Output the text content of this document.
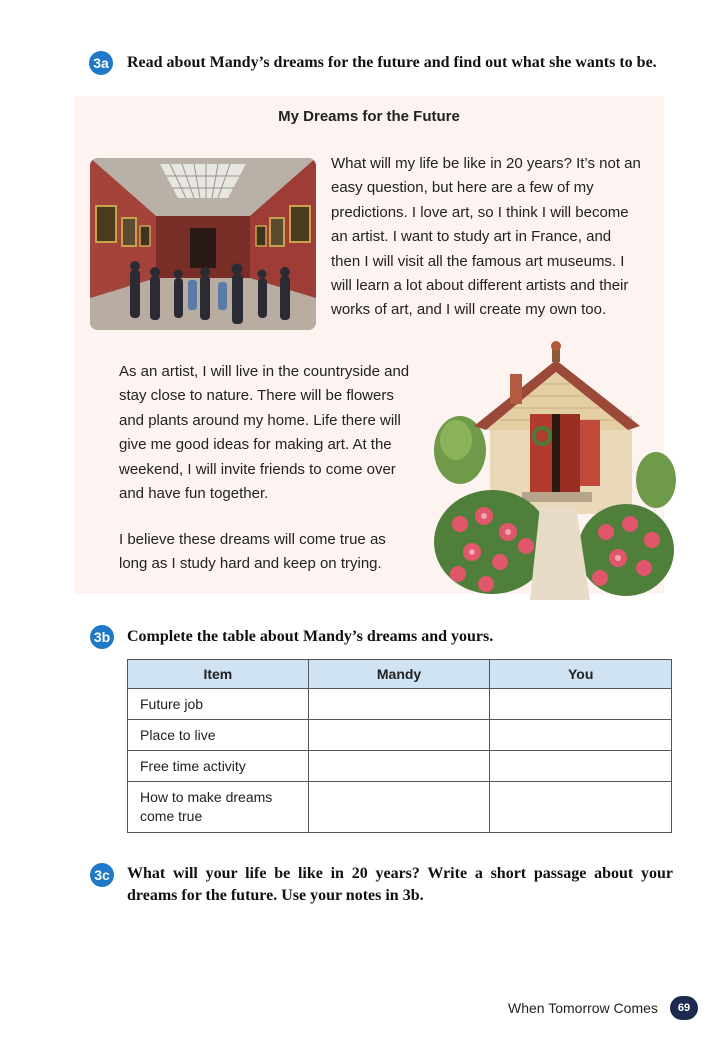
3a Read about Mandy’s dreams for the future and find out what she wants to be.
My Dreams for the Future

What will my life be like in 20 years? It’s not an easy question, but here are a few of my predictions. I love art, so I think I will become an artist. I want to study art in France, and then I will visit all the famous art museums. I will learn a lot about different artists and their works of art, and I will create my own too.

As an artist, I will live in the countryside and stay close to nature. There will be flowers and plants around my home. Life there will give me good ideas for making art. At the weekend, I will invite friends to come over and have fun together.

I believe these dreams will come true as long as I study hard and keep on trying.

3b Complete the table about Mandy’s dreams and yours.
Item	Mandy	You
Future job		
Place to live		
Free time activity		
How to make dreams come true		
3c What will your life be like in 20 years? Write a short passage about your dreams for the future. Use your notes in 3b.
When Tomorrow Comes	69
